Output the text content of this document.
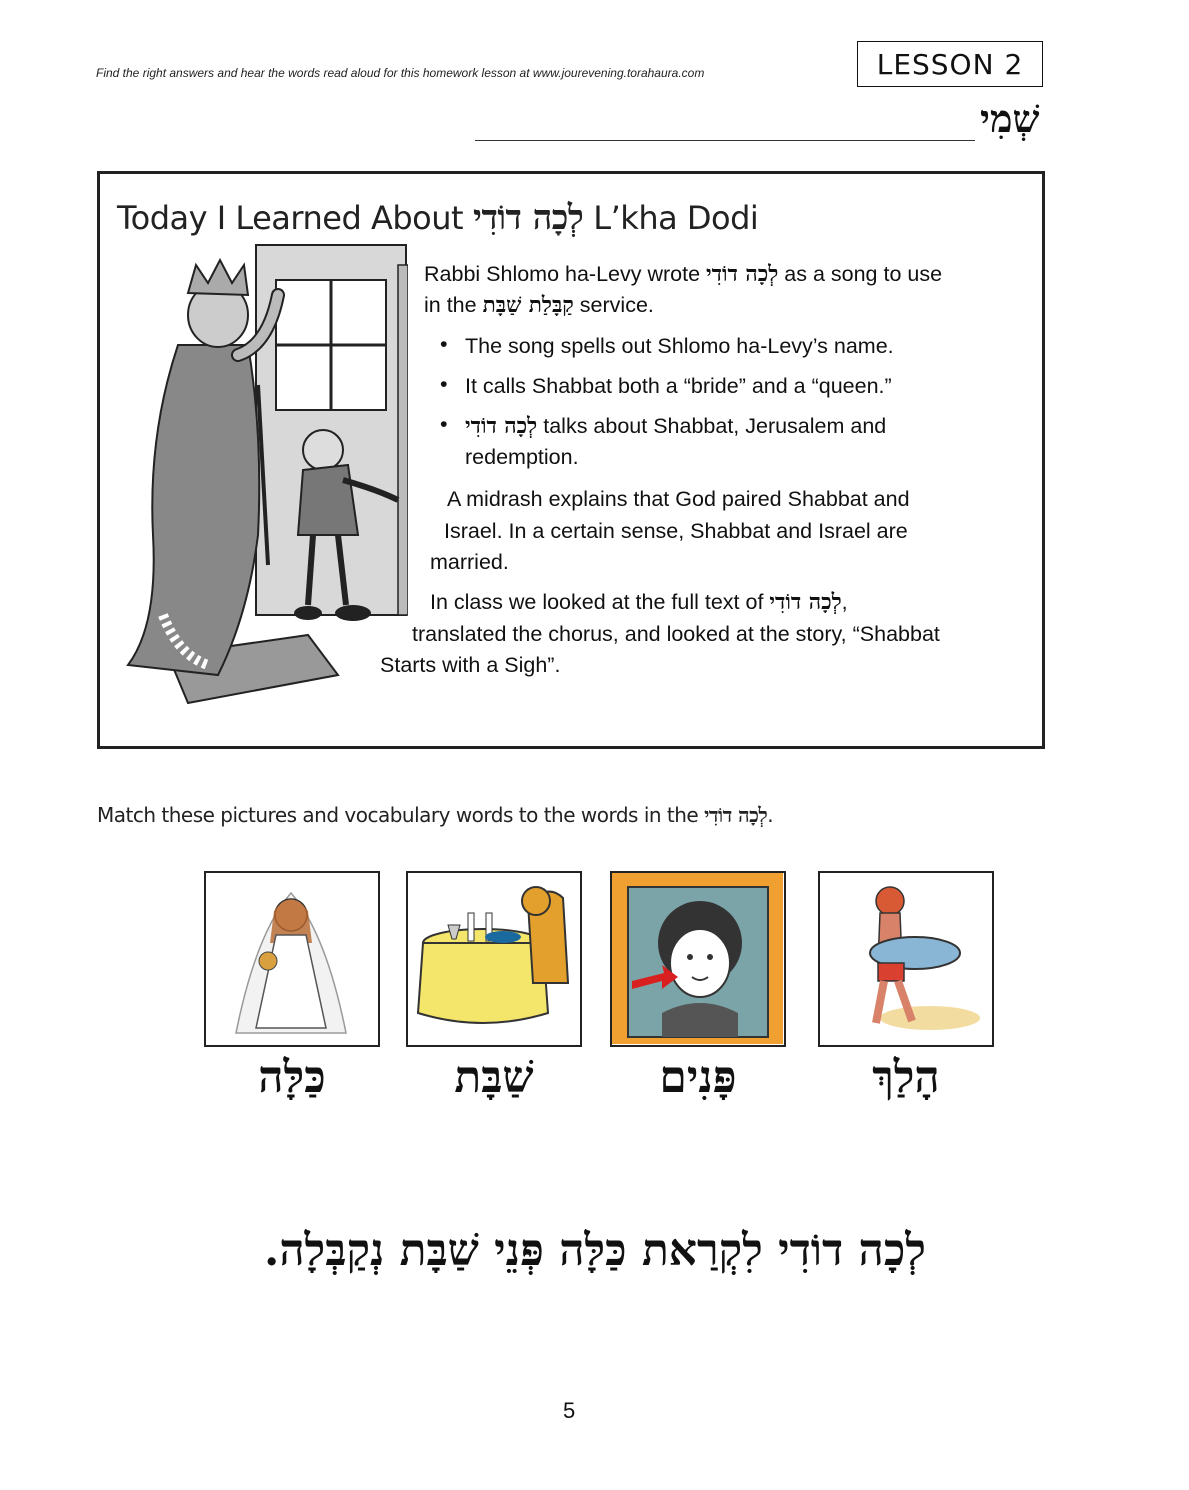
Find the right answers and hear the words read aloud for this homework lesson at www.jourevening.torahaura.com	LESSON 2
שְׁמִי
Today I Learned About לְכָה דוֹדִי L’kha Dodi
Rabbi Shlomo ha-Levy wrote לְכָה דוֹדִי as a song to use
in the קַבָּלַת שַׁבָּת service.
• The song spells out Shlomo ha-Levy’s name.
• It calls Shabbat both a “bride” and a “queen.”
• לְכָה דוֹדִי talks about Shabbat, Jerusalem and
redemption.
A midrash explains that God paired Shabbat and
Israel. In a certain sense, Shabbat and Israel are
married.
In class we looked at the full text of לְכָה דוֹדִי,
translated the chorus, and looked at the story, “Shabbat
Starts with a Sigh”.
Match these pictures and vocabulary words to the words in the לְכָה דוֹדִי.
כַּלָּה	שַׁבָּת	פָּנִים	הָלַךְ
לְכָה דוֹדִי לִקְרַאת כַּלָּה פְּנֵי שַׁבָּת נְקַבְּלָה.
5
